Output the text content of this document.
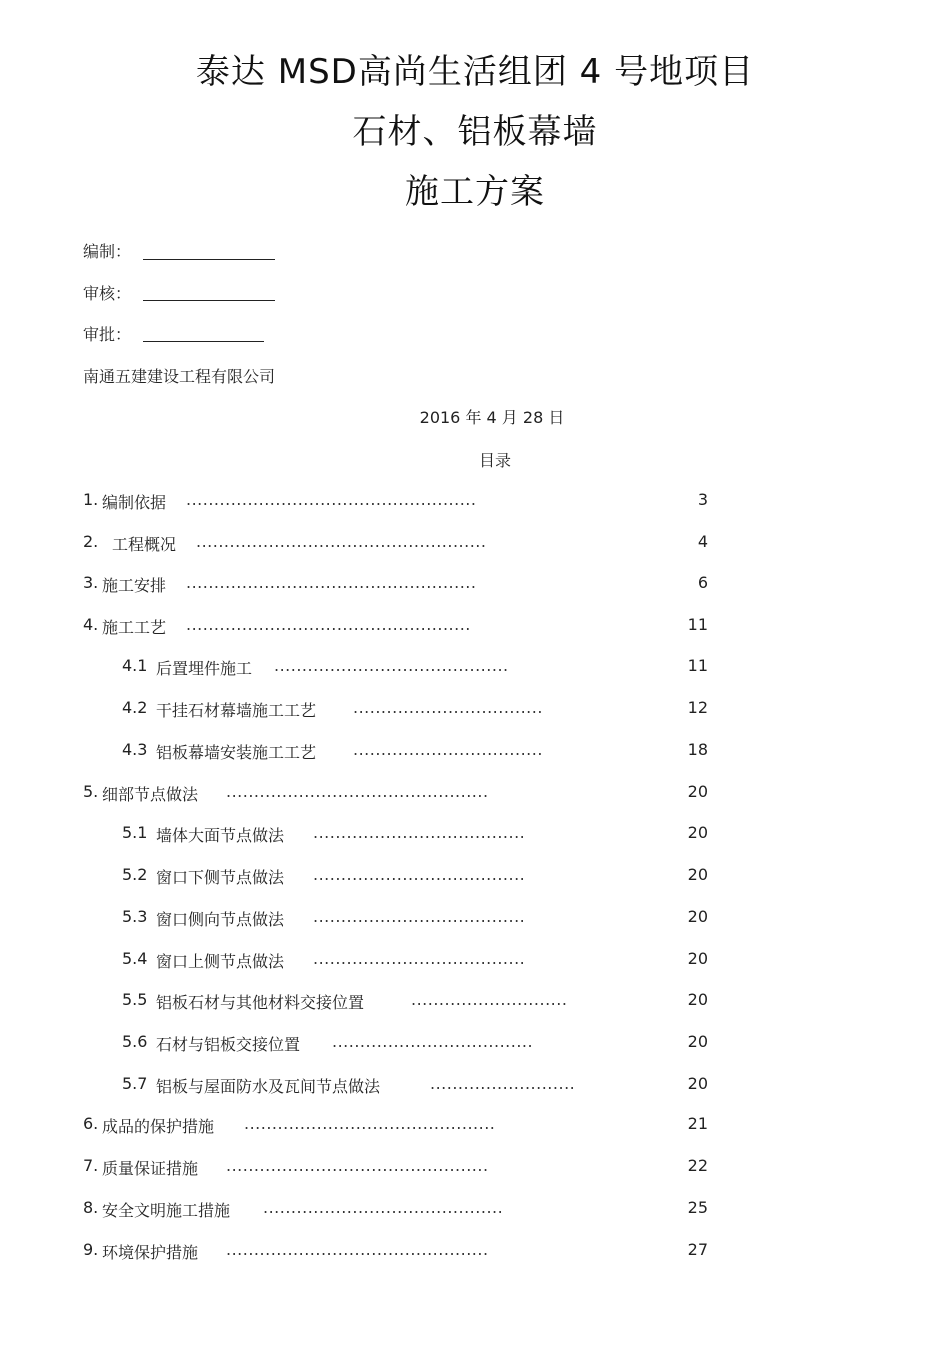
泰达 MSD高尚生活组团 4 号地项目
石材、铝板幕墙
施工方案
编制：
审核：
审批：
南通五建建设工程有限公司
2016 年 4 月 28 日
目录
1. 编制依据 ....................................................	3
2. 工程概况 ....................................................	4
3. 施工安排 ....................................................	6
4. 施工工艺 ...................................................	11
4.1 后置埋件施工 ..........................................	11
4.2 干挂石材幕墙施工工艺 ..................................	12
4.3 铝板幕墙安装施工工艺 ..................................	18
5. 细部节点做法 ...............................................	20
5.1 墙体大面节点做法 ......................................	20
5.2 窗口下侧节点做法 ......................................	20
5.3 窗口侧向节点做法 ......................................	20
5.4 窗口上侧节点做法 ......................................	20
5.5 铝板石材与其他材料交接位置	............................	20
5.6 石材与铝板交接位置 ....................................	20
5.7 铝板与屋面防水及瓦间节点做法	..........................	20
6. 成品的保护措施 .............................................	21
7. 质量保证措施 ...............................................	22
8. 安全文明施工措施 ...........................................	25
9. 环境保护措施 ...............................................	27
